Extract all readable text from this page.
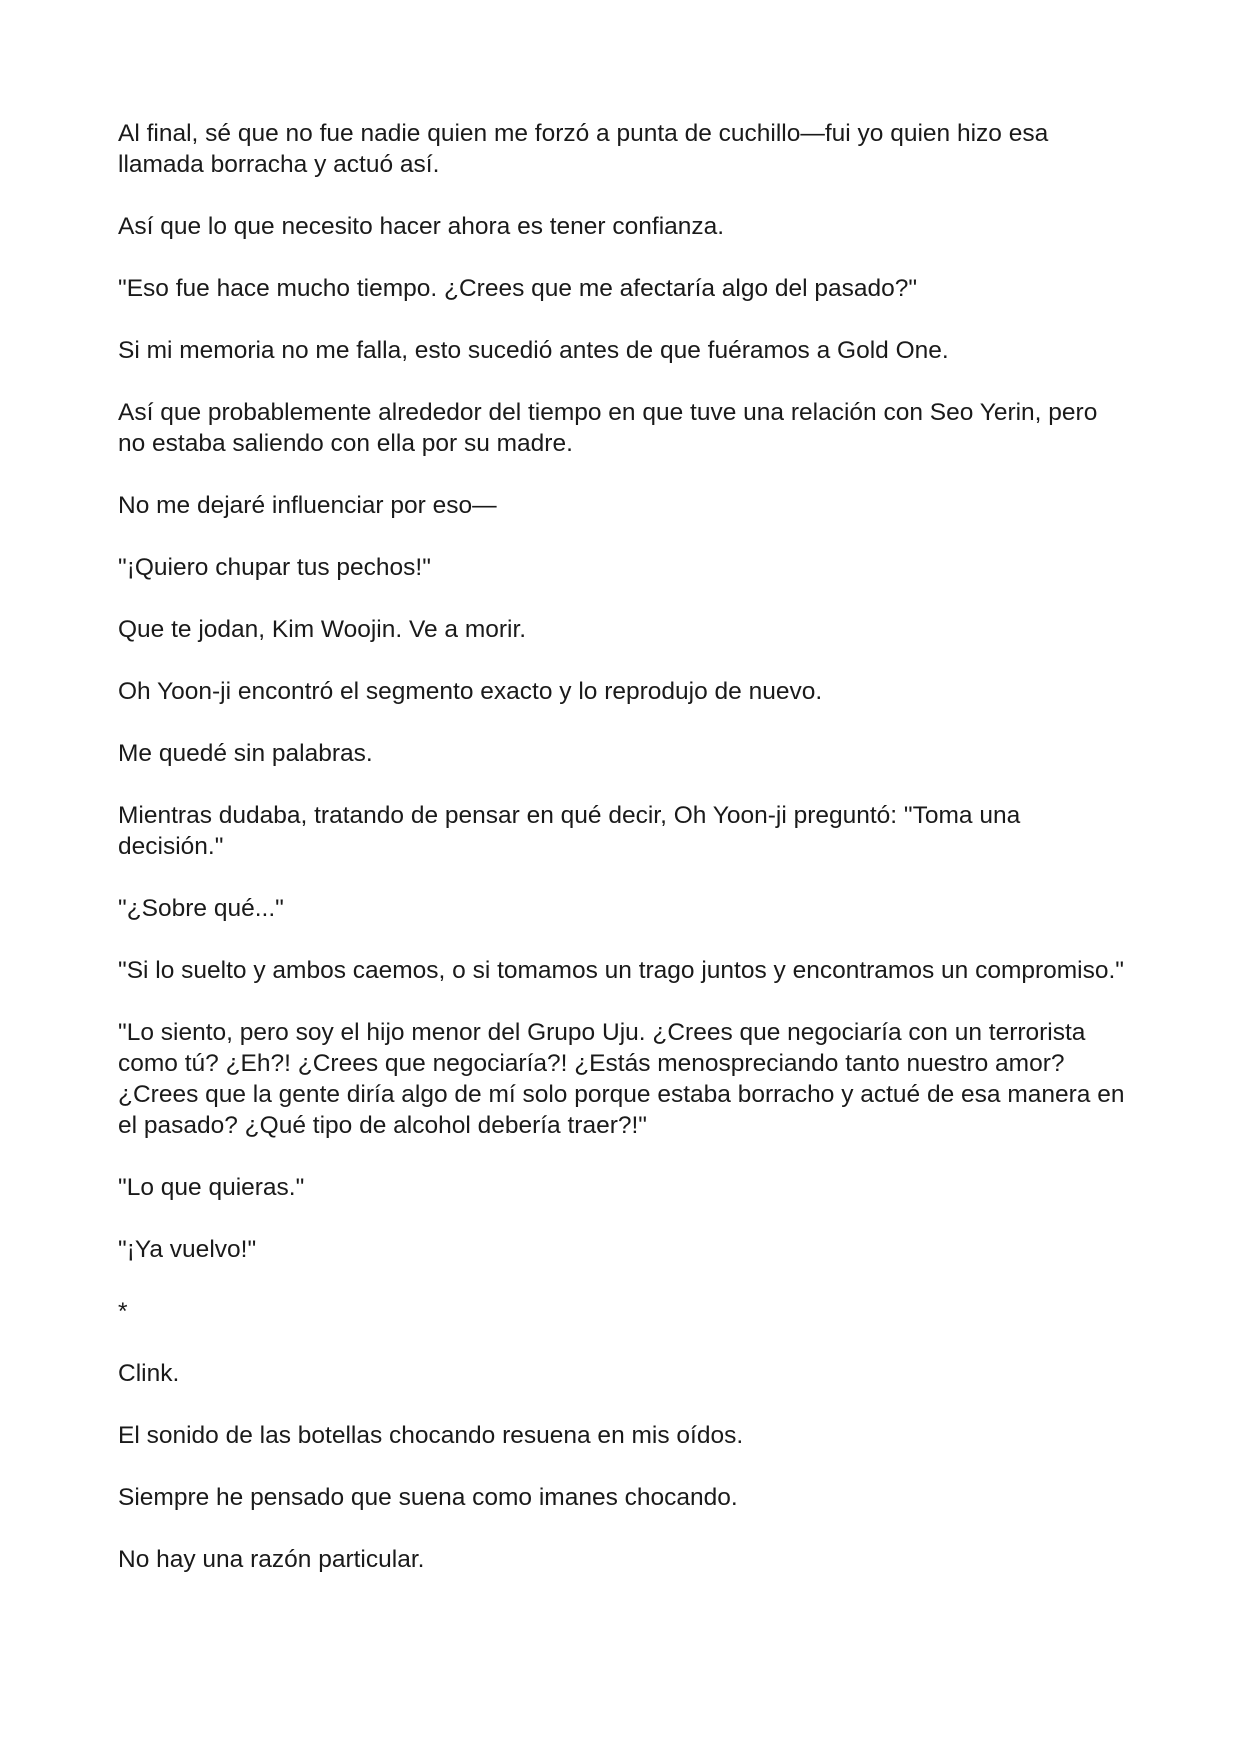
Al final, sé que no fue nadie quien me forzó a punta de cuchillo—fui yo quien hizo esa llamada borracha y actuó así.

Así que lo que necesito hacer ahora es tener confianza.

"Eso fue hace mucho tiempo. ¿Crees que me afectaría algo del pasado?"

Si mi memoria no me falla, esto sucedió antes de que fuéramos a Gold One.

Así que probablemente alrededor del tiempo en que tuve una relación con Seo Yerin, pero no estaba saliendo con ella por su madre.

No me dejaré influenciar por eso—

"¡Quiero chupar tus pechos!"

Que te jodan, Kim Woojin. Ve a morir.

Oh Yoon-ji encontró el segmento exacto y lo reprodujo de nuevo.

Me quedé sin palabras.

Mientras dudaba, tratando de pensar en qué decir, Oh Yoon-ji preguntó: "Toma una decisión."

"¿Sobre qué..."

"Si lo suelto y ambos caemos, o si tomamos un trago juntos y encontramos un compromiso."

"Lo siento, pero soy el hijo menor del Grupo Uju. ¿Crees que negociaría con un terrorista como tú? ¿Eh?! ¿Crees que negociaría?! ¿Estás menospreciando tanto nuestro amor? ¿Crees que la gente diría algo de mí solo porque estaba borracho y actué de esa manera en el pasado? ¿Qué tipo de alcohol debería traer?!"

"Lo que quieras."

"¡Ya vuelvo!"

*

Clink.

El sonido de las botellas chocando resuena en mis oídos.

Siempre he pensado que suena como imanes chocando.

No hay una razón particular.
